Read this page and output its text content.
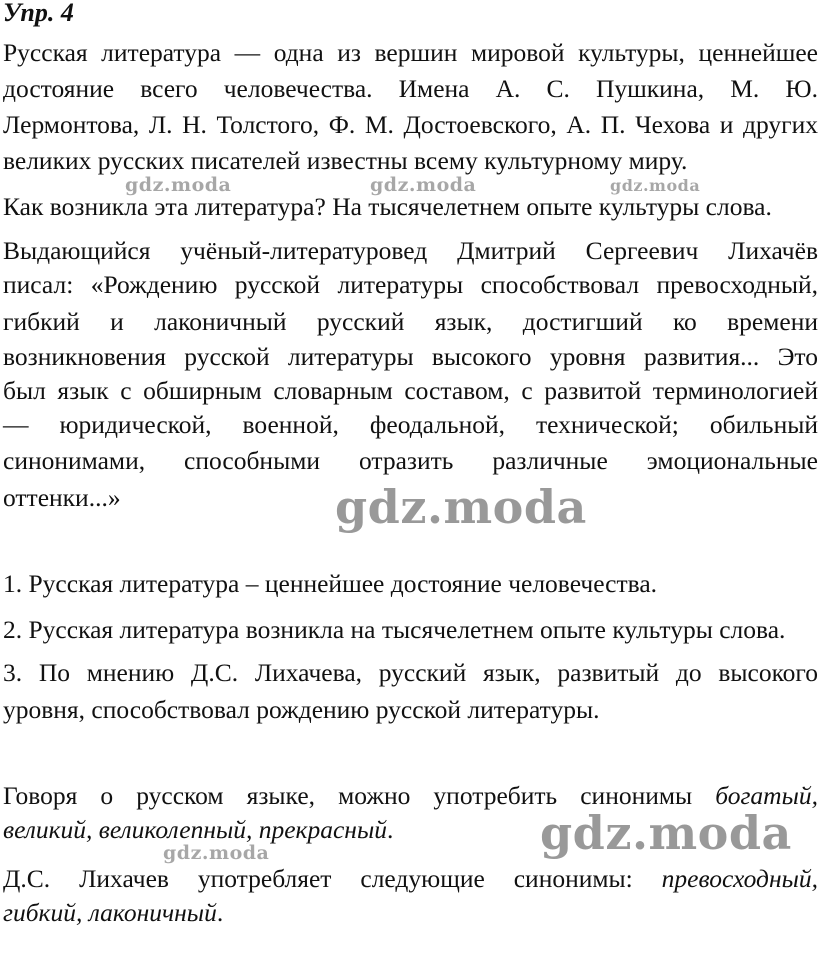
Упр. 4
Русская литература — одна из вершин мировой культуры, ценнейшее
достояние всего человечества. Имена А. С. Пушкина, М. Ю.
Лермонтова, Л. Н. Толстого, Ф. М. Достоевского, А. П. Чехова и других
великих русских писателей известны всему культурному миру.
Как возникла эта литература? На тысячелетнем опыте культуры слова.
Выдающийся учёный-литературовед Дмитрий Сергеевич Лихачёв
писал: «Рождению русской литературы способствовал превосходный,
гибкий и лаконичный русский язык, достигший ко времени
возникновения русской литературы высокого уровня развития... Это
был язык с обширным словарным составом, с развитой терминологией
— юридической, военной, феодальной, технической; обильный
синонимами, способными отразить различные эмоциональные
оттенки...»
1. Русская литература – ценнейшее достояние человечества.
2. Русская литература возникла на тысячелетнем опыте культуры слова.
3. По мнению Д.С. Лихачева, русский язык, развитый до высокого
уровня, способствовал рождению русской литературы.
Говоря о русском языке, можно употребить синонимы богатый,
великий, великолепный, прекрасный.
Д.С. Лихачев употребляет следующие синонимы: превосходный,
гибкий, лаконичный.
gdz.moda	gdz.moda	gdz.moda
gdz.moda
gdz.moda
gdz.moda
